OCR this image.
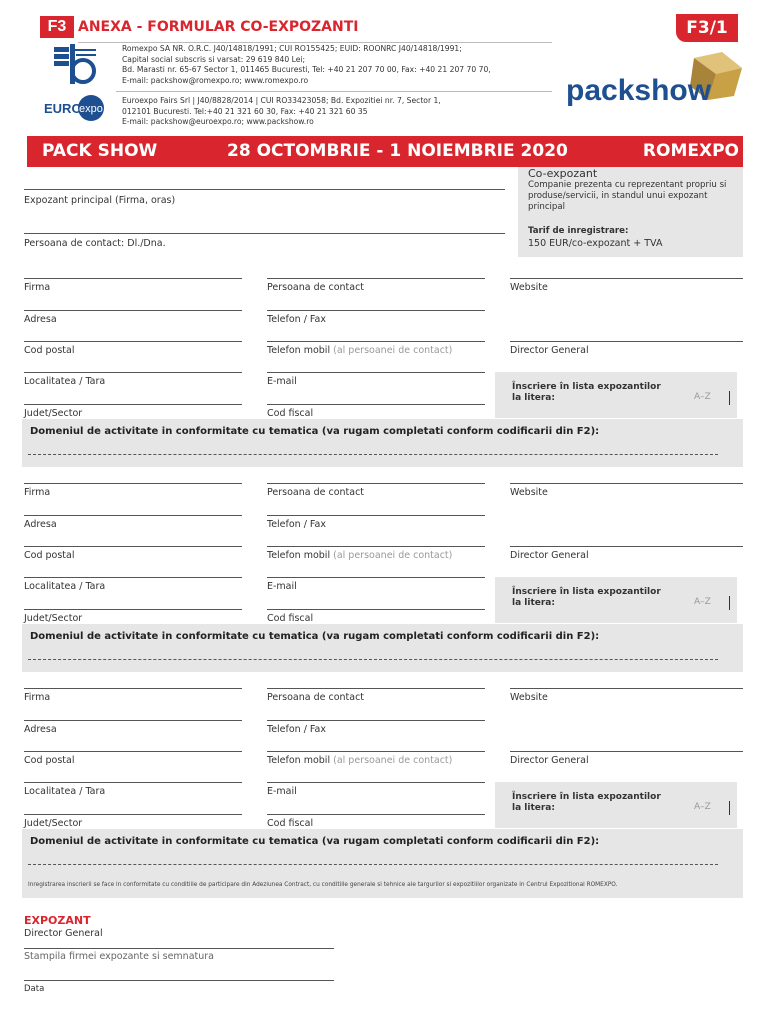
F3 ANEXA - FORMULAR CO-EXPOZANTI	F3/1
Romexpo SA NR. O.R.C. J40/14818/1991; CUI RO155425; EUID: ROONRC J40/14818/1991;
Capital social subscris si varsat: 29 619 840 Lei;
Bd. Marasti nr. 65-67 Sector 1, 011465 Bucuresti, Tel: +40 21 207 70 00, Fax: +40 21 207 70 70,
E-mail: packshow@romexpo.ro; www.romexpo.ro
EURO
expo
Euroexpo Fairs Srl | J40/8828/2014 | CUI RO33423058; Bd. Expozitiei nr. 7, Sector 1,
012101 Bucuresti. Tel:+40 21 321 60 30, Fax: +40 21 321 60 35
E-mail: packshow@euroexpo.ro; www.packshow.ro
packshow
PACK SHOW	28 OCTOMBRIE - 1 NOIEMBRIE 2020	ROMEXPO
Expozant principal (Firma, oras)
Persoana de contact: Dl./Dna.
Co-expozant
Companie prezenta cu reprezentant propriu si produse/servicii, in standul unui expozant principal
Tarif de inregistrare:
150 EUR/co-expozant + TVA
Firma	Persoana de contact	Website
Adresa	Telefon / Fax
Cod postal	Telefon mobil (al persoanei de contact)	Director General
Localitatea / Tara	E-mail	Înscriere în lista expozantilor
la litera:	A–Z
Judet/Sector	Cod fiscal
Domeniul de activitate in conformitate cu tematica (va rugam completati conform codificarii din F2):
Firma	Persoana de contact	Website
Adresa	Telefon / Fax
Cod postal	Telefon mobil (al persoanei de contact)	Director General
Localitatea / Tara	E-mail	Înscriere în lista expozantilor
la litera:	A–Z
Judet/Sector	Cod fiscal
Domeniul de activitate in conformitate cu tematica (va rugam completati conform codificarii din F2):
Firma	Persoana de contact	Website
Adresa	Telefon / Fax
Cod postal	Telefon mobil (al persoanei de contact)	Director General
Localitatea / Tara	E-mail	Înscriere în lista expozantilor
la litera:	A–Z
Judet/Sector	Cod fiscal
Domeniul de activitate in conformitate cu tematica (va rugam completati conform codificarii din F2):
Inregistrarea inscrierii se face in conformitate cu conditiile de participare din Adeziunea Contract, cu conditiile generale si tehnice ale targurilor si expozitiilor organizate in Centrul Expozitional ROMEXPO.
EXPOZANT
Director General
Stampila firmei expozante si semnatura
Data
